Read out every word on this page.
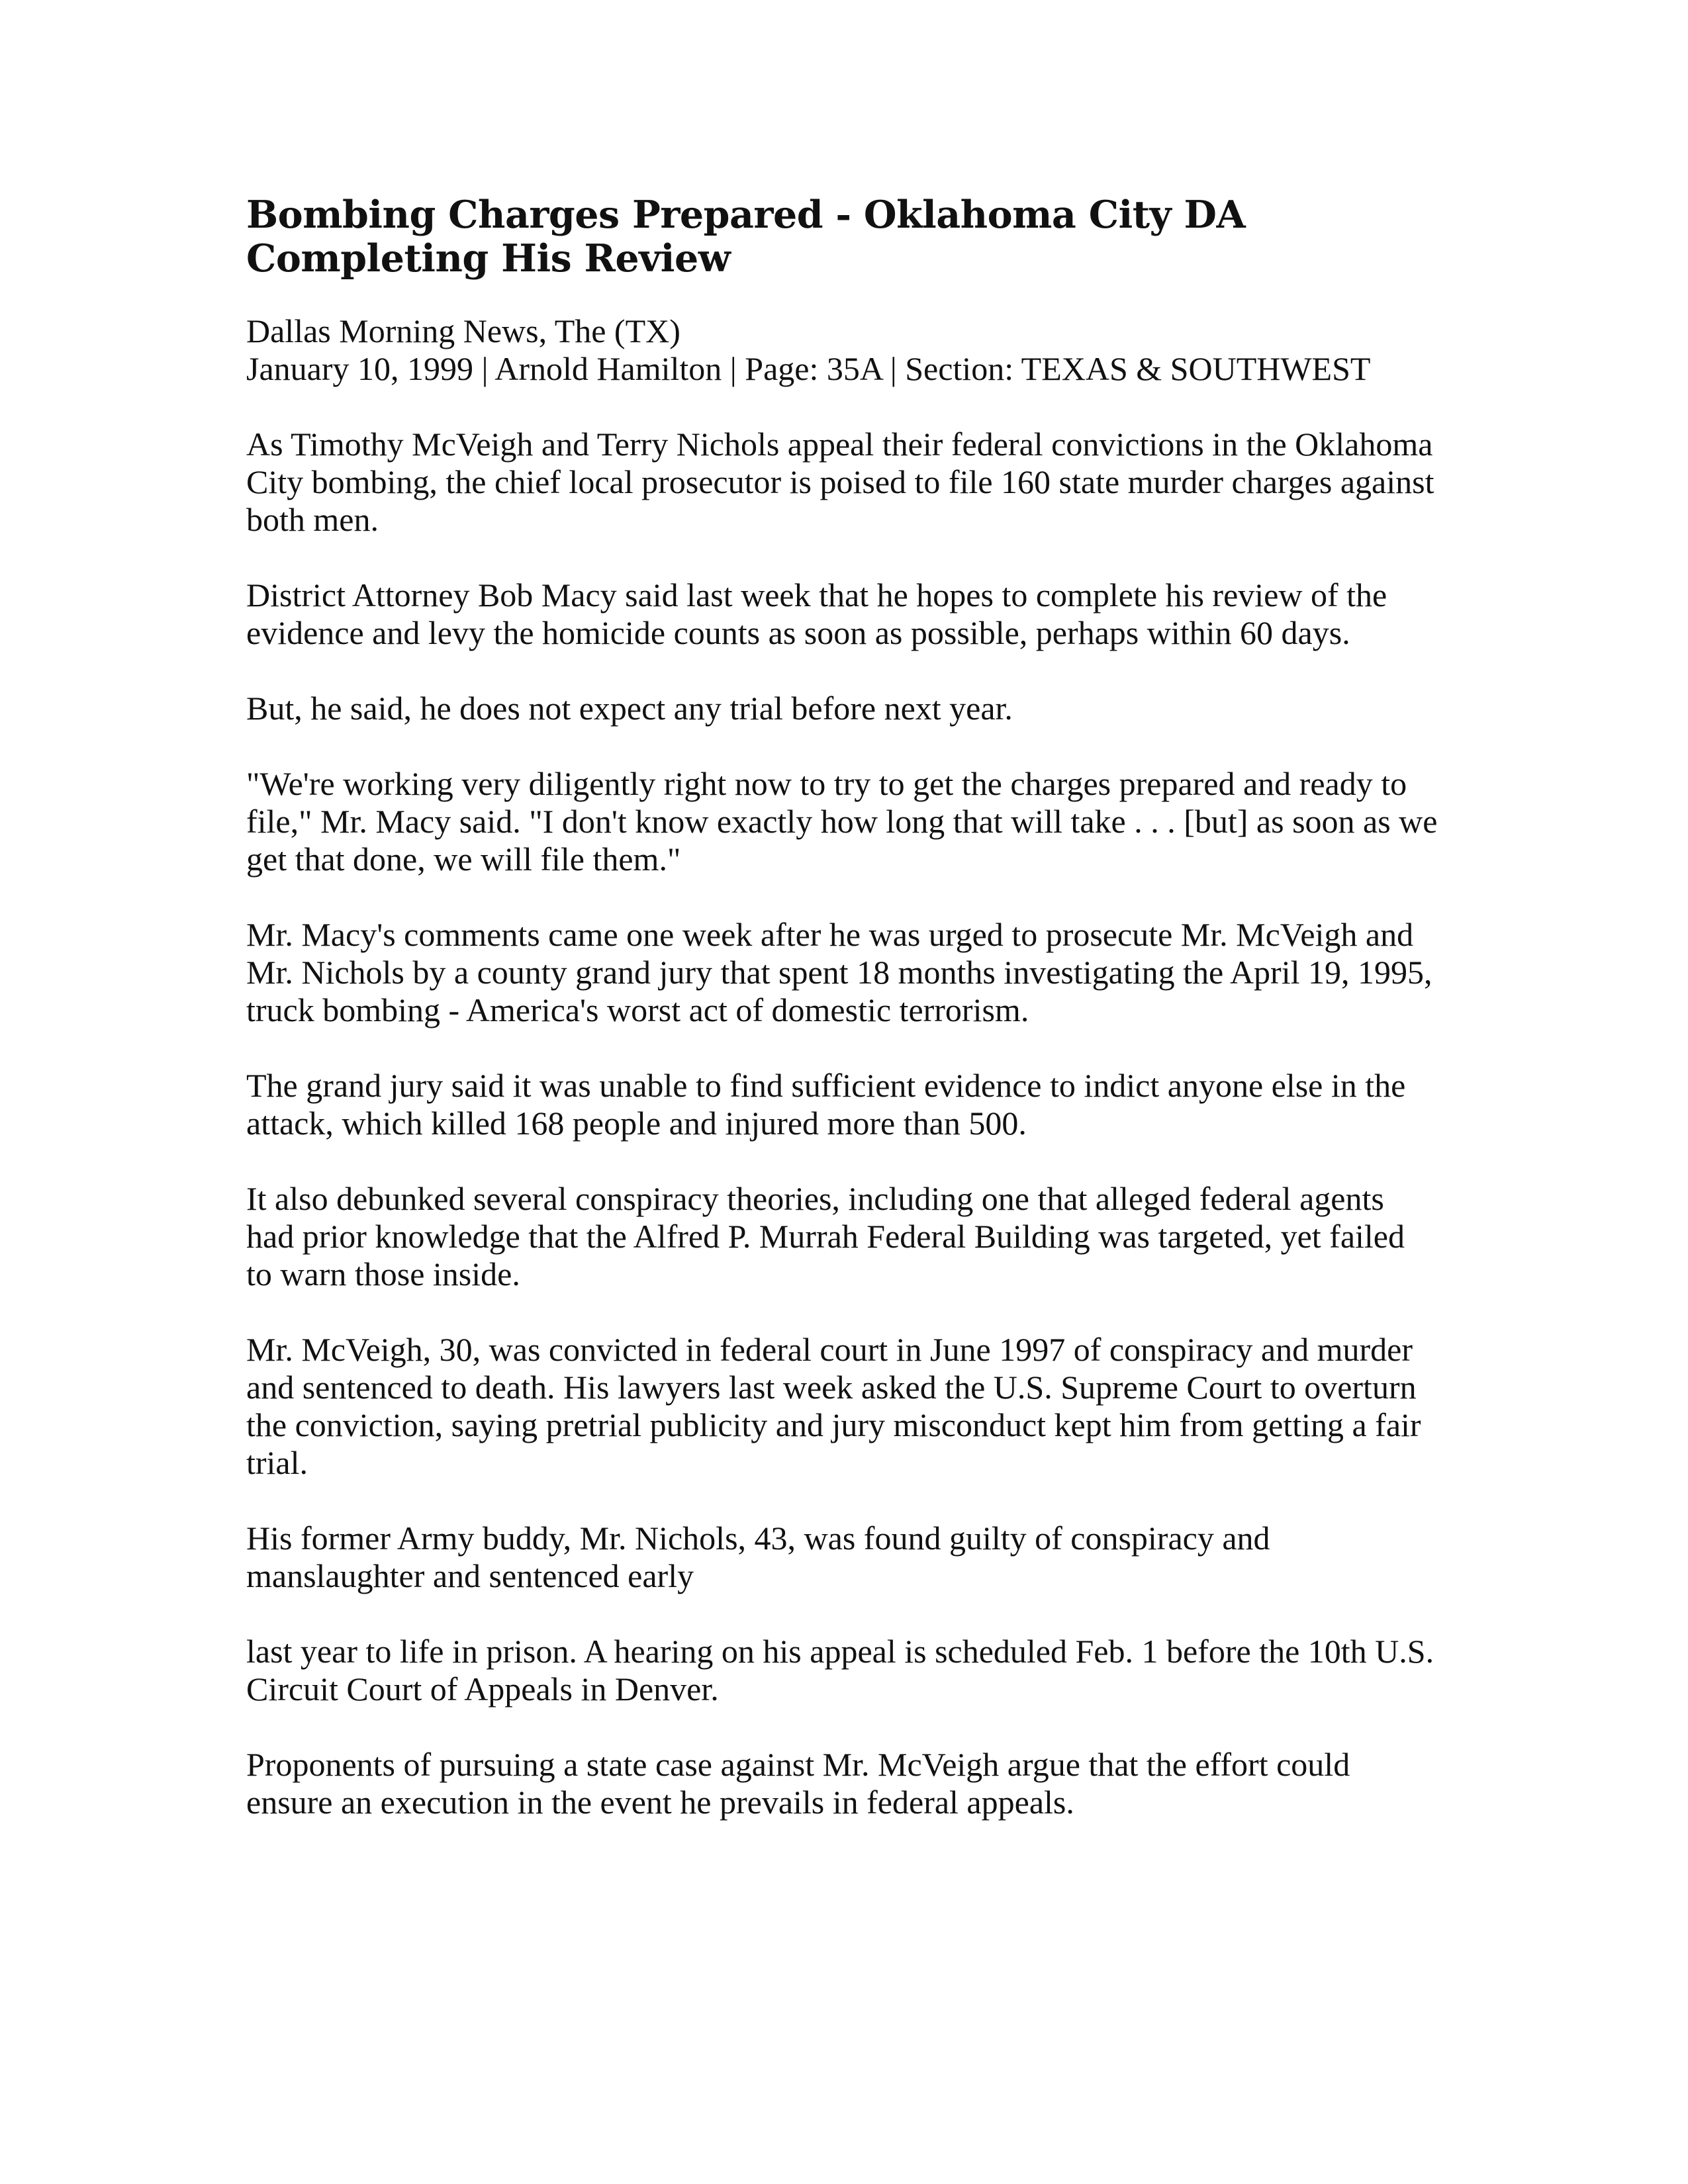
Bombing Charges Prepared - Oklahoma City DA Completing His Review
Dallas Morning News, The (TX)
January 10, 1999 | Arnold Hamilton | Page: 35A | Section: TEXAS & SOUTHWEST

As Timothy McVeigh and Terry Nichols appeal their federal convictions in the Oklahoma City bombing, the chief local prosecutor is poised to file 160 state murder charges against both men.

District Attorney Bob Macy said last week that he hopes to complete his review of the evidence and levy the homicide counts as soon as possible, perhaps within 60 days.

But, he said, he does not expect any trial before next year.

"We're working very diligently right now to try to get the charges prepared and ready to file," Mr. Macy said. "I don't know exactly how long that will take . . . [but] as soon as we get that done, we will file them."

Mr. Macy's comments came one week after he was urged to prosecute Mr. McVeigh and Mr. Nichols by a county grand jury that spent 18 months investigating the April 19, 1995, truck bombing - America's worst act of domestic terrorism.

The grand jury said it was unable to find sufficient evidence to indict anyone else in the attack, which killed 168 people and injured more than 500.

It also debunked several conspiracy theories, including one that alleged federal agents had prior knowledge that the Alfred P. Murrah Federal Building was targeted, yet failed to warn those inside.

Mr. McVeigh, 30, was convicted in federal court in June 1997 of conspiracy and murder and sentenced to death. His lawyers last week asked the U.S. Supreme Court to overturn the conviction, saying pretrial publicity and jury misconduct kept him from getting a fair trial.

His former Army buddy, Mr. Nichols, 43, was found guilty of conspiracy and manslaughter and sentenced early

last year to life in prison. A hearing on his appeal is scheduled Feb. 1 before the 10th U.S. Circuit Court of Appeals in Denver.

Proponents of pursuing a state case against Mr. McVeigh argue that the effort could ensure an execution in the event he prevails in federal appeals.
